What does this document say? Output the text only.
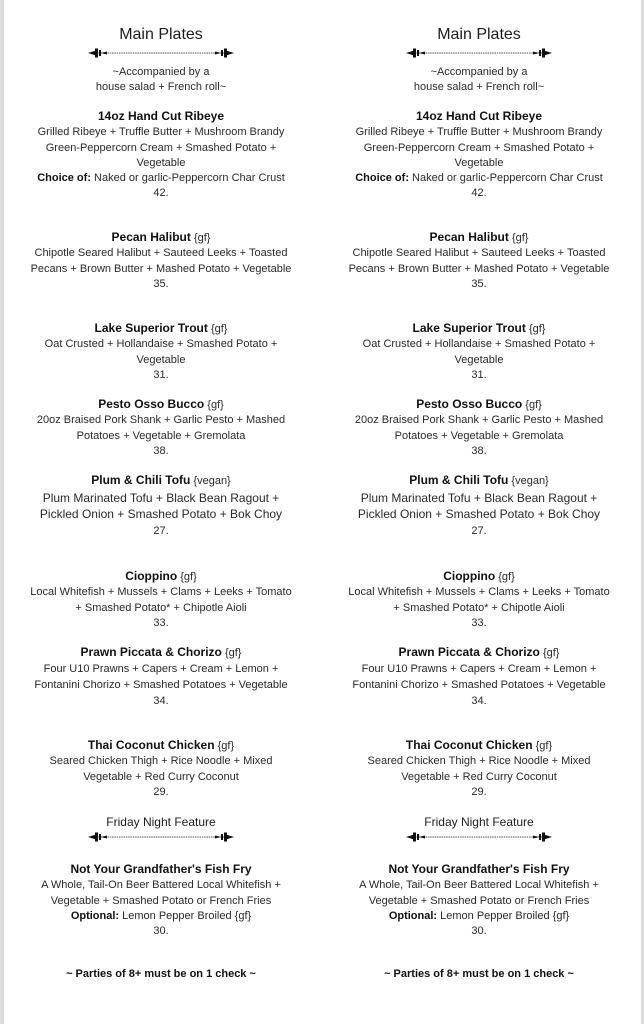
Main Plates
~Accompanied by a
house salad + French roll~
14oz Hand Cut Ribeye
Grilled Ribeye + Truffle Butter + Mushroom Brandy Green-Peppercorn Cream + Smashed Potato + Vegetable
Choice of: Naked or garlic-Peppercorn Char Crust
42.
Pecan Halibut {gf}
Chipotle Seared Halibut + Sauteed Leeks + Toasted Pecans + Brown Butter + Mashed Potato + Vegetable
35.
Lake Superior Trout {gf}
Oat Crusted + Hollandaise + Smashed Potato + Vegetable
31.
Pesto Osso Bucco {gf}
20oz Braised Pork Shank + Garlic Pesto + Mashed Potatoes + Vegetable + Gremolata
38.
Plum & Chili Tofu {vegan}
Plum Marinated Tofu + Black Bean Ragout + Pickled Onion + Smashed Potato + Bok Choy
27.
Cioppino {gf}
Local Whitefish + Mussels + Clams + Leeks + Tomato + Smashed Potato* + Chipotle Aioli
33.
Prawn Piccata & Chorizo {gf}
Four U10 Prawns + Capers + Cream + Lemon + Fontanini Chorizo + Smashed Potatoes + Vegetable
34.
Thai Coconut Chicken {gf}
Seared Chicken Thigh + Rice Noodle + Mixed Vegetable + Red Curry Coconut
29.
Friday Night Feature
Not Your Grandfather's Fish Fry
A Whole, Tail-On Beer Battered Local Whitefish + Vegetable + Smashed Potato or French Fries
Optional: Lemon Pepper Broiled {gf}
30.
~ Parties of 8+ must be on 1 check ~
Main Plates
~Accompanied by a
house salad + French roll~
14oz Hand Cut Ribeye
Grilled Ribeye + Truffle Butter + Mushroom Brandy Green-Peppercorn Cream + Smashed Potato + Vegetable
Choice of: Naked or garlic-Peppercorn Char Crust
42.
Pecan Halibut {gf}
Chipotle Seared Halibut + Sauteed Leeks + Toasted Pecans + Brown Butter + Mashed Potato + Vegetable
35.
Lake Superior Trout {gf}
Oat Crusted + Hollandaise + Smashed Potato + Vegetable
31.
Pesto Osso Bucco {gf}
20oz Braised Pork Shank + Garlic Pesto + Mashed Potatoes + Vegetable + Gremolata
38.
Plum & Chili Tofu {vegan}
Plum Marinated Tofu + Black Bean Ragout + Pickled Onion + Smashed Potato + Bok Choy
27.
Cioppino {gf}
Local Whitefish + Mussels + Clams + Leeks + Tomato + Smashed Potato* + Chipotle Aioli
33.
Prawn Piccata & Chorizo {gf}
Four U10 Prawns + Capers + Cream + Lemon + Fontanini Chorizo + Smashed Potatoes + Vegetable
34.
Thai Coconut Chicken {gf}
Seared Chicken Thigh + Rice Noodle + Mixed Vegetable + Red Curry Coconut
29.
Friday Night Feature
Not Your Grandfather's Fish Fry
A Whole, Tail-On Beer Battered Local Whitefish + Vegetable + Smashed Potato or French Fries
Optional: Lemon Pepper Broiled {gf}
30.
~ Parties of 8+ must be on 1 check ~
